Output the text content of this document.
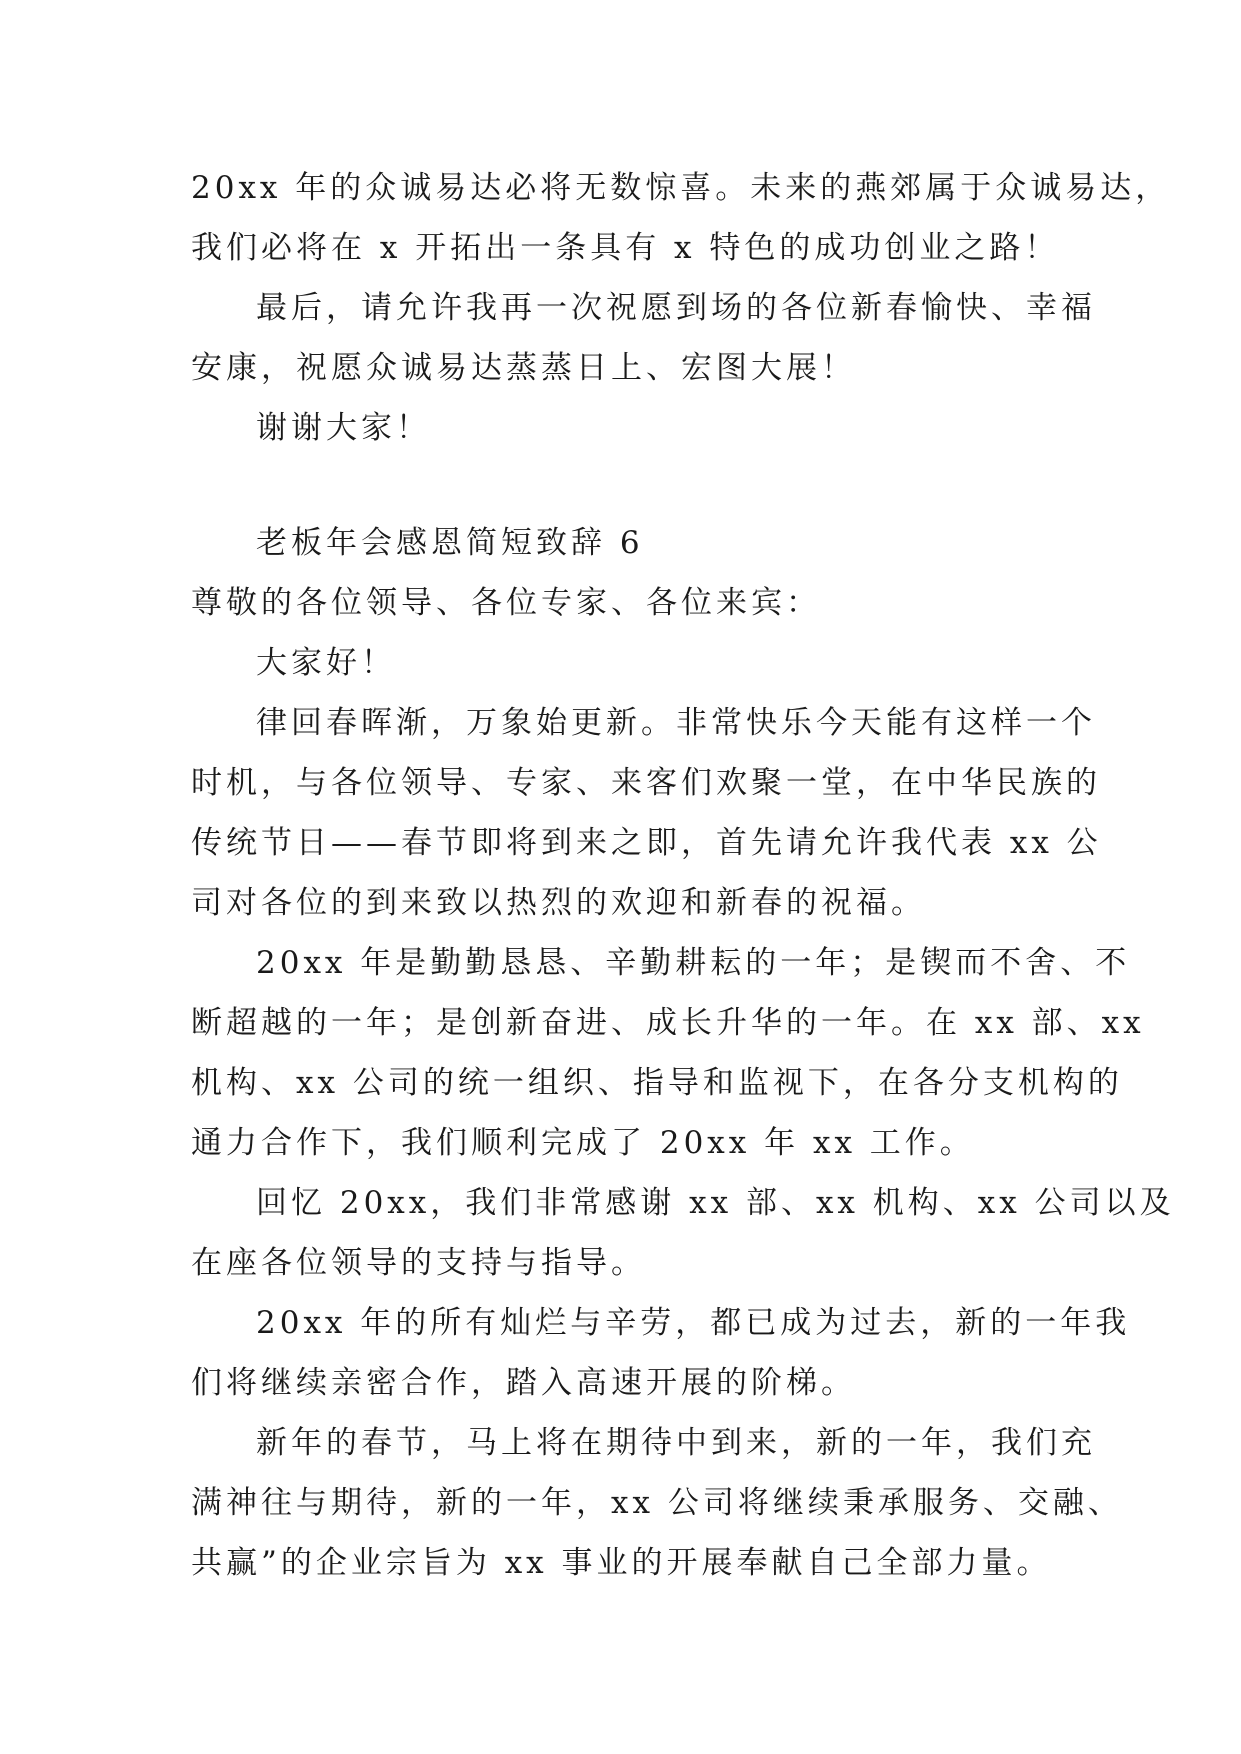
20xx 年的众诚易达必将无数惊喜。未来的燕郊属于众诚易达，
我们必将在 x 开拓出一条具有 x 特色的成功创业之路！
最后，请允许我再一次祝愿到场的各位新春愉快、幸福
安康，祝愿众诚易达蒸蒸日上、宏图大展！
谢谢大家！
老板年会感恩简短致辞 6
尊敬的各位领导、各位专家、各位来宾：
大家好！
律回春晖渐，万象始更新。非常快乐今天能有这样一个
时机，与各位领导、专家、来客们欢聚一堂，在中华民族的
传统节日——春节即将到来之即，首先请允许我代表 xx 公
司对各位的到来致以热烈的欢迎和新春的祝福。
20xx 年是勤勤恳恳、辛勤耕耘的一年；是锲而不舍、不
断超越的一年；是创新奋进、成长升华的一年。在 xx 部、xx
机构、xx 公司的统一组织、指导和监视下，在各分支机构的
通力合作下，我们顺利完成了 20xx 年 xx 工作。
回忆 20xx，我们非常感谢 xx 部、xx 机构、xx 公司以及
在座各位领导的支持与指导。
20xx 年的所有灿烂与辛劳，都已成为过去，新的一年我
们将继续亲密合作，踏入高速开展的阶梯。
新年的春节，马上将在期待中到来，新的一年，我们充
满神往与期待，新的一年，xx 公司将继续秉承服务、交融、
共赢”的企业宗旨为 xx 事业的开展奉献自己全部力量。
